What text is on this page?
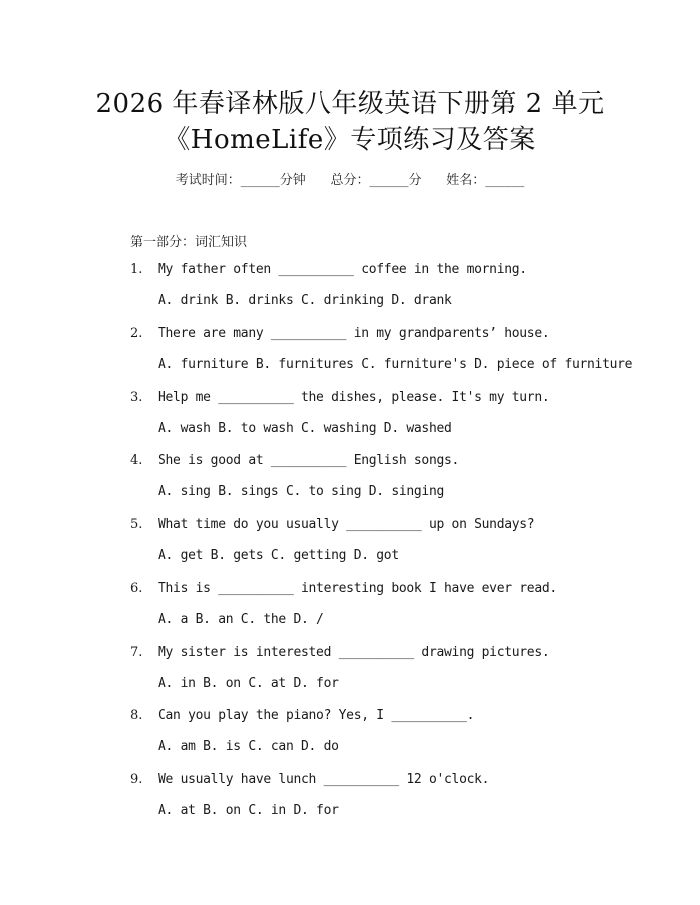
2026 年春译林版八年级英语下册第 2 单元
《HomeLife》专项练习及答案
考试时间：______分钟      总分：______分      姓名：______
第一部分：词汇知识
1. My father often __________ coffee in the morning.
A. drink B. drinks C. drinking D. drank
2. There are many __________ in my grandparents’ house.
A. furniture B. furnitures C. furniture's D. piece of furniture
3. Help me __________ the dishes, please. It's my turn.
A. wash B. to wash C. washing D. washed
4. She is good at __________ English songs.
A. sing B. sings C. to sing D. singing
5. What time do you usually __________ up on Sundays?
A. get B. gets C. getting D. got
6. This is __________ interesting book I have ever read.
A. a B. an C. the D. /
7. My sister is interested __________ drawing pictures.
A. in B. on C. at D. for
8. Can you play the piano? Yes, I __________.
A. am B. is C. can D. do
9. We usually have lunch __________ 12 o'clock.
A. at B. on C. in D. for
